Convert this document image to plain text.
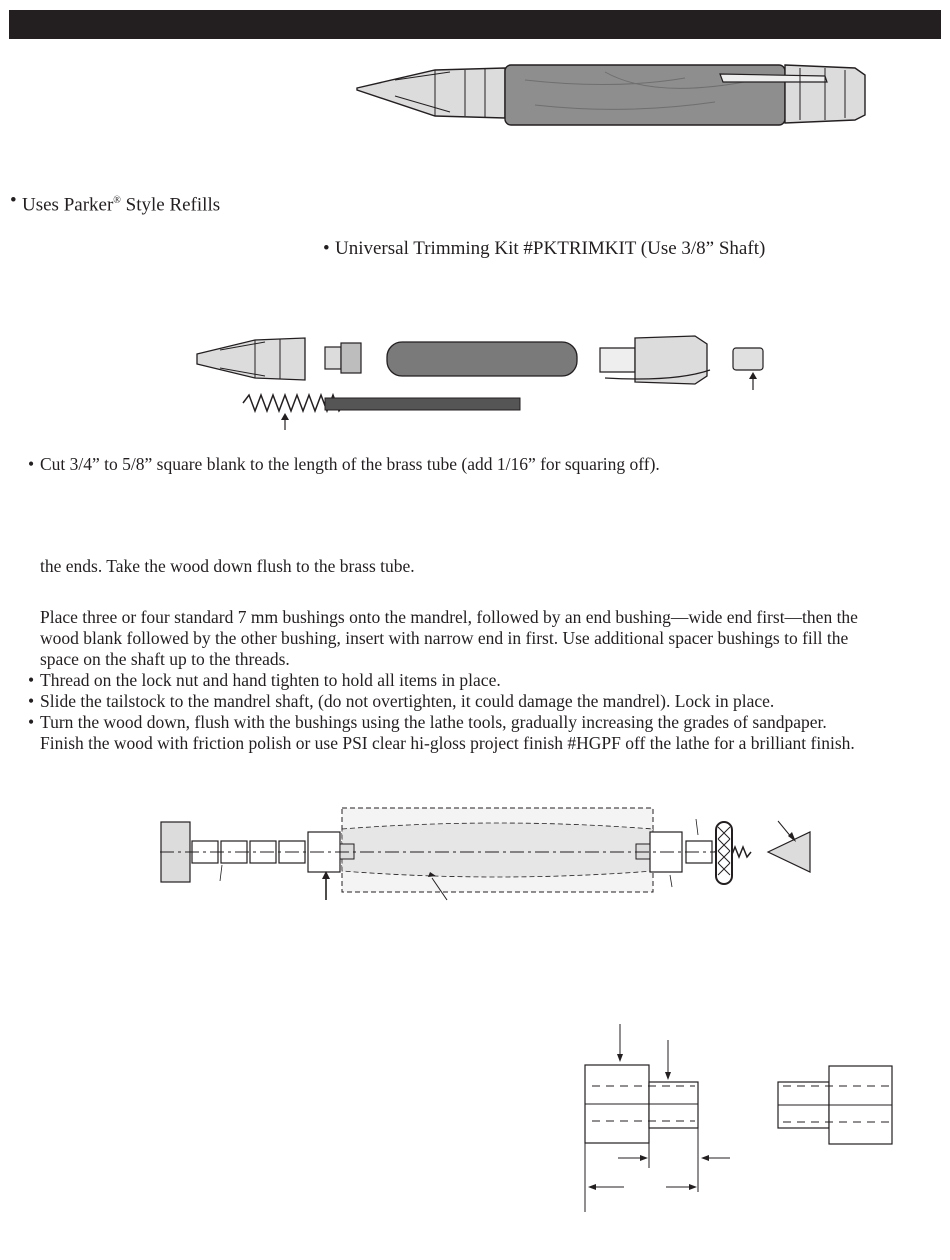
• Uses Parker® Style Refills
• Universal Trimming Kit #PKTRIMKIT (Use 3/8” Shaft)
• Cut 3/4” to 5/8” square blank to the length of the brass tube (add 1/16” for squaring off).
the ends. Take the wood down flush to the brass tube.
Place three or four standard 7 mm bushings onto the mandrel, followed by an end bushing—wide end first—then the
wood blank followed by the other bushing, insert with narrow end in first. Use additional spacer bushings to fill the
space on the shaft up to the threads.
• Thread on the lock nut and hand tighten to hold all items in place.
• Slide the tailstock to the mandrel shaft, (do not overtighten, it could damage the mandrel). Lock in place.
• Turn the wood down, flush with the bushings using the lathe tools, gradually increasing the grades of sandpaper.
Finish the wood with friction polish or use PSI clear hi-gloss project finish #HGPF off the lathe for a brilliant finish.
